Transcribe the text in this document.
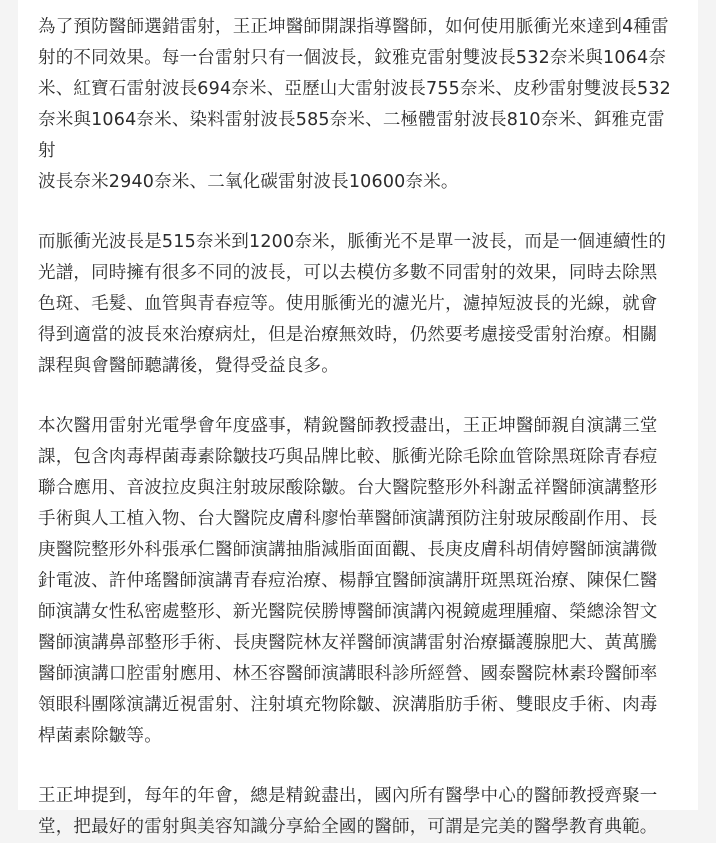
為了預防醫師選錯雷射，王正坤醫師開課指導醫師，如何使用脈衝光來達到4種雷
射的不同效果。每一台雷射只有一個波長，鈫雅克雷射雙波長532奈米與1064奈
米、紅寶石雷射波長694奈米、亞歷山大雷射波長755奈米、皮秒雷射雙波長532
奈米與1064奈米、染料雷射波長585奈米、二極體雷射波長810奈米、鉺雅克雷射
波長奈米2940奈米、二氧化碳雷射波長10600奈米。

而脈衝光波長是515奈米到1200奈米，脈衝光不是單一波長，而是一個連續性的
光譜，同時擁有很多不同的波長，可以去模仿多數不同雷射的效果，同時去除黑
色斑、毛髮、血管與青春痘等。使用脈衝光的濾光片，濾掉短波長的光線，就會
得到適當的波長來治療病灶，但是治療無效時，仍然要考慮接受雷射治療。相關
課程與會醫師聽講後，覺得受益良多。

本次醫用雷射光電學會年度盛事，精銳醫師教授盡出，王正坤醫師親自演講三堂
課，包含肉毒桿菌毒素除皺技巧與品牌比較、脈衝光除毛除血管除黑斑除青春痘
聯合應用、音波拉皮與注射玻尿酸除皺。台大醫院整形外科謝孟祥醫師演講整形
手術與人工植入物、台大醫院皮膚科廖怡華醫師演講預防注射玻尿酸副作用、長
庚醫院整形外科張承仁醫師演講抽脂減脂面面觀、長庚皮膚科胡倩婷醫師演講微
針電波、許仲瑤醫師演講青春痘治療、楊靜宜醫師演講肝斑黑斑治療、陳保仁醫
師演講女性私密處整形、新光醫院侯勝博醫師演講內視鏡處理腫瘤、榮總涂智文
醫師演講鼻部整形手術、長庚醫院林友祥醫師演講雷射治療攝護腺肥大、黃萬騰
醫師演講口腔雷射應用、林丕容醫師演講眼科診所經營、國泰醫院林素玲醫師率
領眼科團隊演講近視雷射、注射填充物除皺、淚溝脂肪手術、雙眼皮手術、肉毒
桿菌素除皺等。

王正坤提到，每年的年會，總是精銳盡出，國內所有醫學中心的醫師教授齊聚一
堂，把最好的雷射與美容知識分享給全國的醫師，可謂是完美的醫學教育典範。
